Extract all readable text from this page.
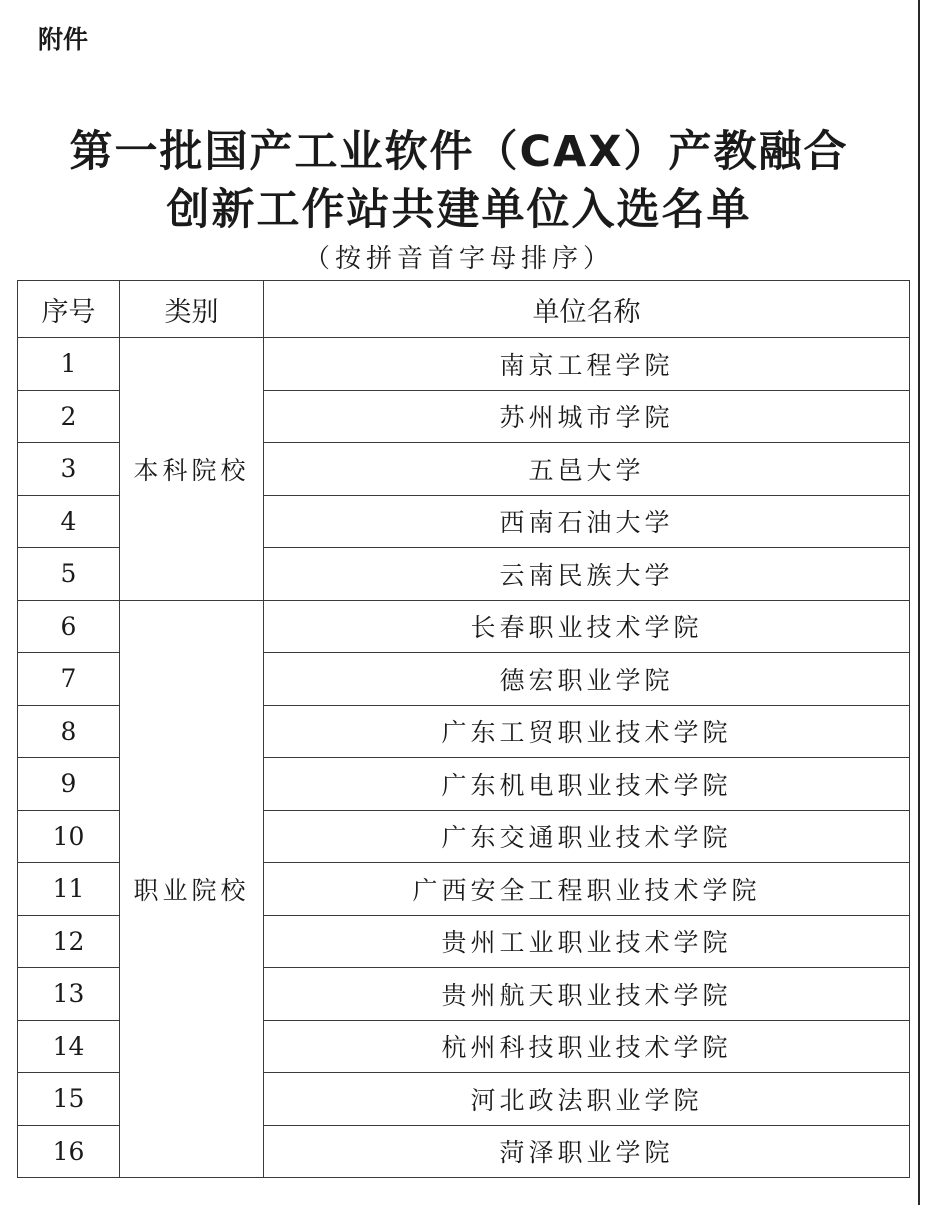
附件
第一批国产工业软件（CAX）产教融合
创新工作站共建单位入选名单
（按拼音首字母排序）
序号	类别	单位名称
1	本科院校	南京工程学院
2		苏州城市学院
3		五邑大学
4		西南石油大学
5		云南民族大学
6	职业院校	长春职业技术学院
7		德宏职业学院
8		广东工贸职业技术学院
9		广东机电职业技术学院
10		广东交通职业技术学院
11		广西安全工程职业技术学院
12		贵州工业职业技术学院
13		贵州航天职业技术学院
14		杭州科技职业技术学院
15		河北政法职业学院
16		菏泽职业学院
